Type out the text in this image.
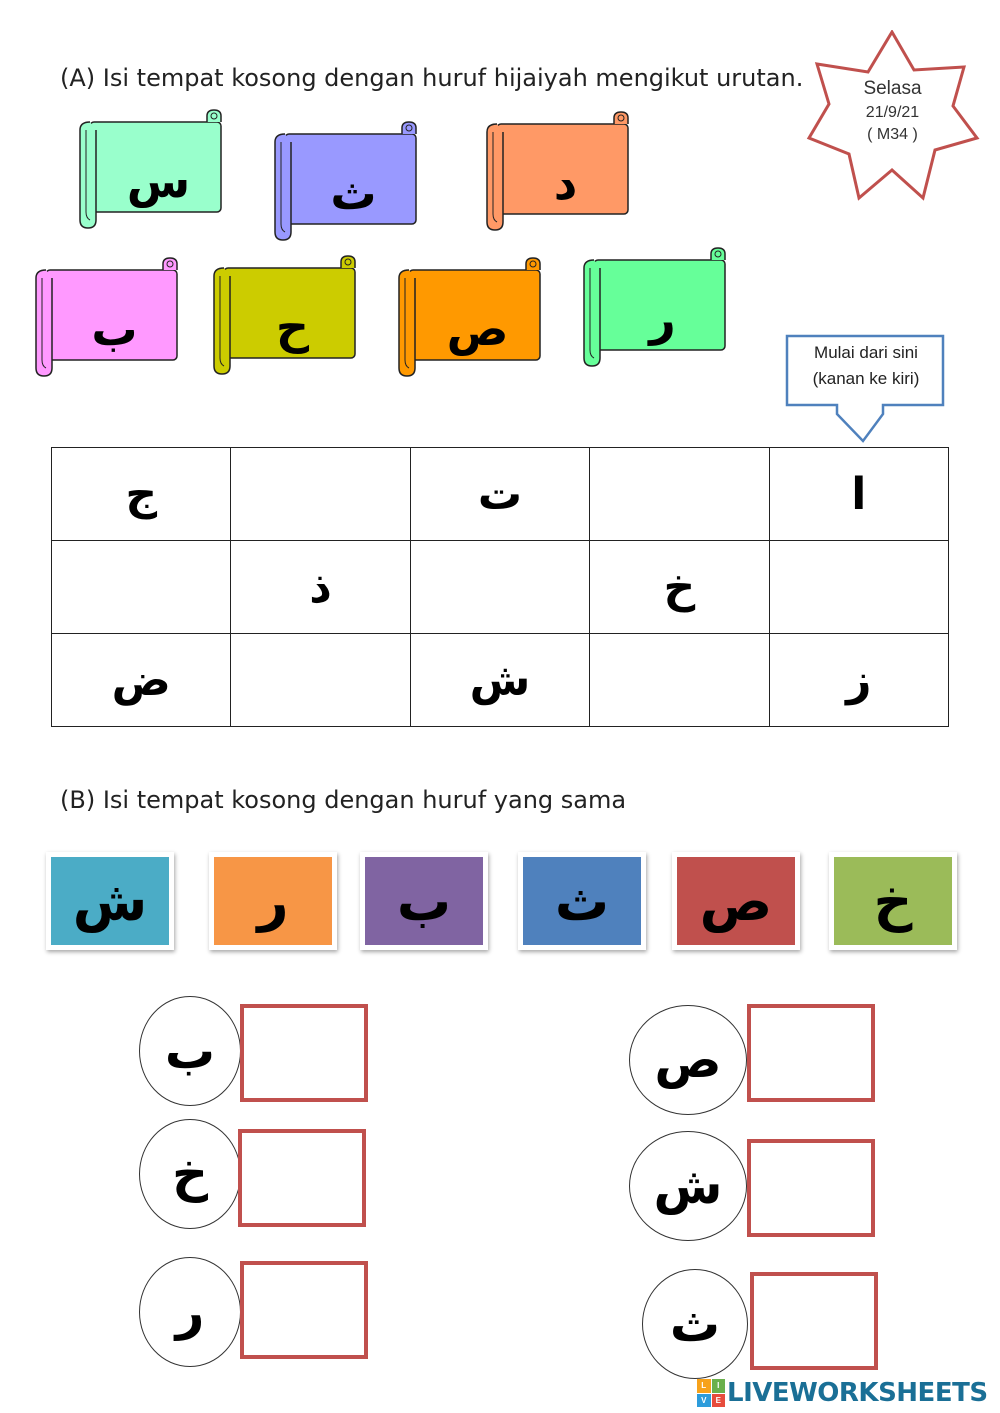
(A) Isi tempat kosong dengan huruf hijaiyah mengikut urutan.	Selasa
21/9/21
( M34 )
س	ث	د
ب	ح	ص	ر
Mulai dari sini
(kanan ke kiri)
ج		ت		ا
	ذ		خ	
ض		ش		ز
(B) Isi tempat kosong dengan huruf yang sama
ش	ر	ب	ث	ص	خ
ب
خ
ر
ص
ش
ث
L	I
V	E LIVEWORKSHEETS
